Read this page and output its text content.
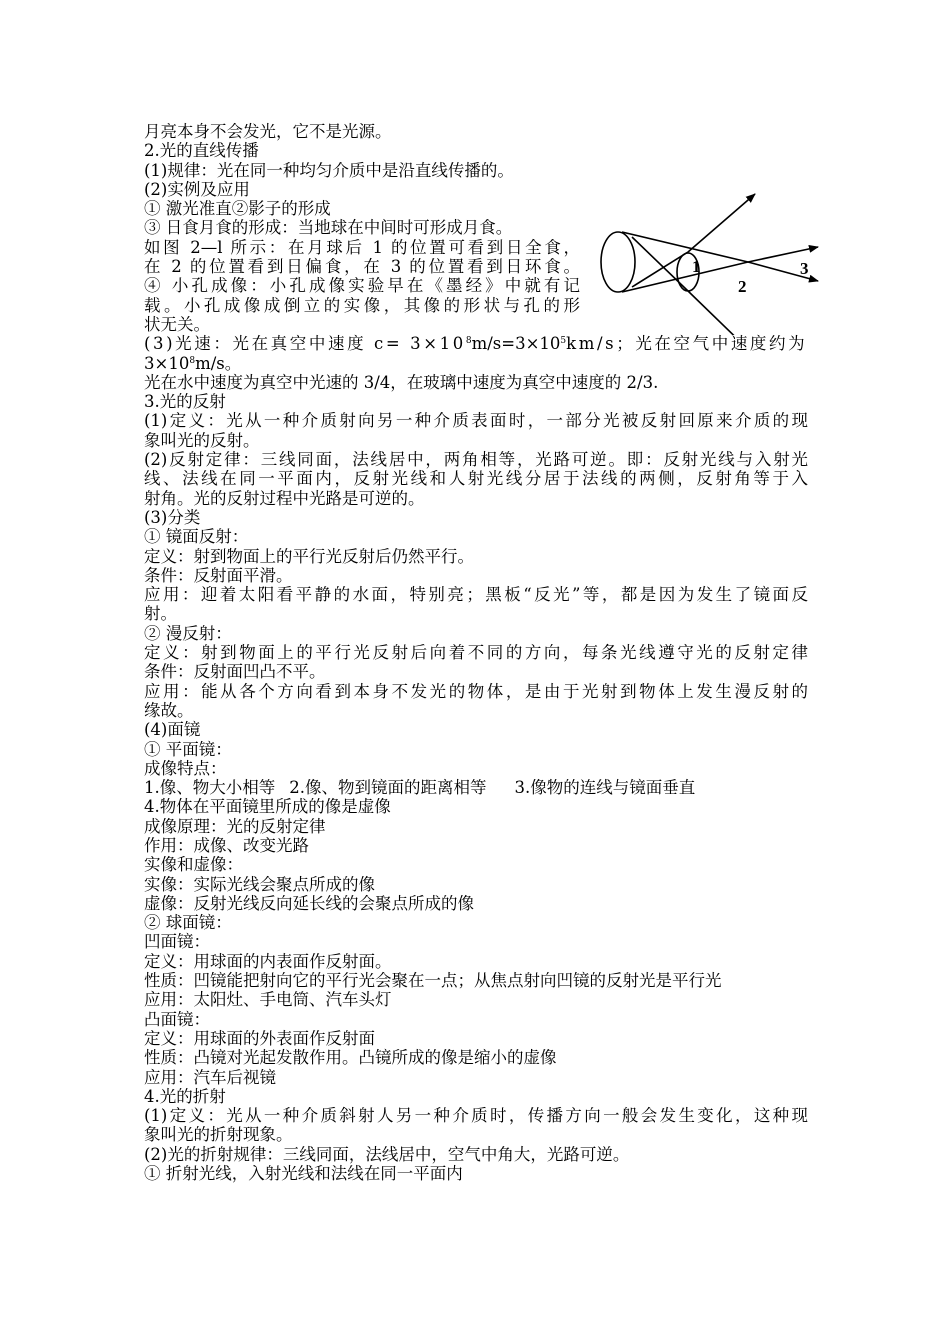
月亮本身不会发光，它不是光源。
2.光的直线传播
(1)规律：光在同一种均匀介质中是沿直线传播的。
(2)实例及应用
① 激光准直②影子的形成
③ 日食月食的形成：当地球在中间时可形成月食。
如图 2—l 所示：在月球后 1 的位置可看到日全食，
在 2 的位置看到日偏食，在 3 的位置看到日环食。
④ 小孔成像：小孔成像实验早在《墨经》中就有记
载。小孔成像成倒立的实像，其像的形状与孔的形
状无关。
(3)光速：光在真空中速度 $c= 3\times 10^8m/s=3\times 10^5km/s$；光在空气中速度约为
$3\times 10^8m/s$。
光在水中速度为真空中光速的 3/4，在玻璃中速度为真空中速度的 2/3.
3.光的反射
(1)定义：光从一种介质射向另一种介质表面时，一部分光被反射回原来介质的现
象叫光的反射。
(2)反射定律：三线同面，法线居中，两角相等，光路可逆。即：反射光线与入射光
线、法线在同一平面内，反射光线和人射光线分居于法线的两侧，反射角等于入
射角。光的反射过程中光路是可逆的。
(3)分类
① 镜面反射：
定义：射到物面上的平行光反射后仍然平行。
条件：反射面平滑。
应用：迎着太阳看平静的水面，特别亮；黑板“反光”等，都是因为发生了镜面反
射。
② 漫反射：
定义：射到物面上的平行光反射后向着不同的方向，每条光线遵守光的反射定律
条件：反射面凹凸不平。
应用：能从各个方向看到本身不发光的物体，是由于光射到物体上发生漫反射的
缘故。
(4)面镜
① 平面镜：
成像特点：
1.像、物大小相等 2.像、物到镜面的距离相等 3.像物的连线与镜面垂直
4.物体在平面镜里所成的像是虚像
成像原理：光的反射定律
作用：成像、改变光路
实像和虚像：
实像：实际光线会聚点所成的像
虚像：反射光线反向延长线的会聚点所成的像
② 球面镜：
凹面镜：
定义：用球面的内表面作反射面。
性质：凹镜能把射向它的平行光会聚在一点；从焦点射向凹镜的反射光是平行光
应用：太阳灶、手电筒、汽车头灯
凸面镜：
定义：用球面的外表面作反射面
性质：凸镜对光起发散作用。凸镜所成的像是缩小的虚像
应用：汽车后视镜
4.光的折射
(1)定义：光从一种介质斜射人另一种介质时，传播方向一般会发生变化，这种现
象叫光的折射现象。
(2)光的折射规律：三线同面，法线居中，空气中角大，光路可逆。
① 折射光线，入射光线和法线在同一平面内
1
2
3
